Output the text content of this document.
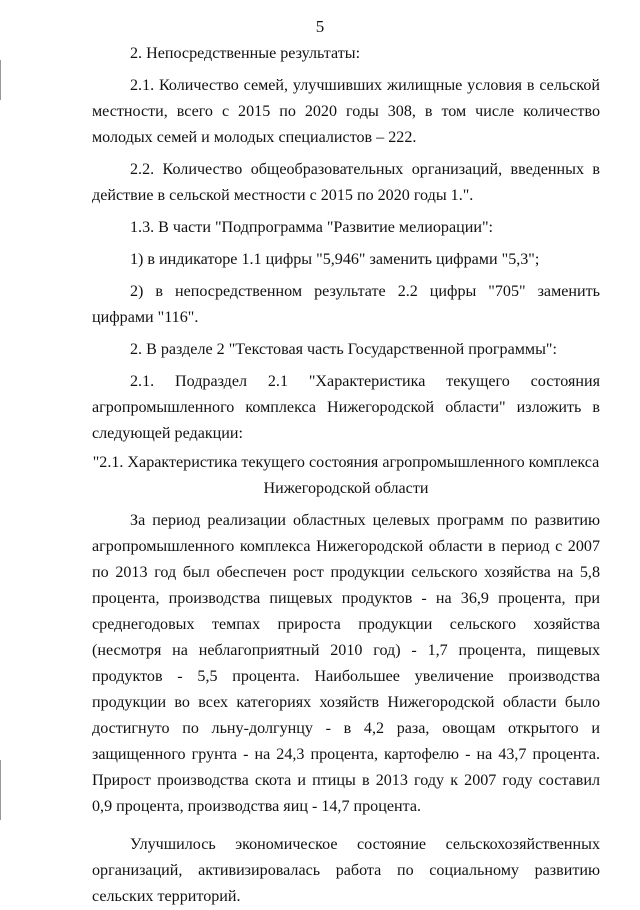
5

2. Непосредственные результаты:

2.1. Количество семей, улучшивших жилищные условия в сельской местности, всего с 2015 по 2020 годы 308, в том числе количество молодых семей и молодых специалистов – 222.

2.2. Количество общеобразовательных организаций, введенных в действие в сельской местности с 2015 по 2020 годы 1.".

1.3. В части "Подпрограмма "Развитие мелиорации":

1) в индикаторе 1.1 цифры "5,946" заменить цифрами "5,3";

2) в непосредственном результате 2.2 цифры "705" заменить цифрами "116".

2. В разделе 2 "Текстовая часть Государственной программы":

2.1. Подраздел 2.1 "Характеристика текущего состояния агропромышленного комплекса Нижегородской области" изложить в следующей редакции:

"2.1. Характеристика текущего состояния агропромышленного комплекса Нижегородской области

За период реализации областных целевых программ по развитию агропромышленного комплекса Нижегородской области в период с 2007 по 2013 год был обеспечен рост продукции сельского хозяйства на 5,8 процента, производства пищевых продуктов - на 36,9 процента, при среднегодовых темпах прироста продукции сельского хозяйства (несмотря на неблагоприятный 2010 год) - 1,7 процента, пищевых продуктов - 5,5 процента. Наибольшее увеличение производства продукции во всех категориях хозяйств Нижегородской области было достигнуто по льну-долгунцу - в 4,2 раза, овощам открытого и защищенного грунта - на 24,3 процента, картофелю - на 43,7 процента. Прирост производства скота и птицы в 2013 году к 2007 году составил 0,9 процента, производства яиц - 14,7 процента.

Улучшилось экономическое состояние сельскохозяйственных организаций, активизировалась работа по социальному развитию сельских территорий.
